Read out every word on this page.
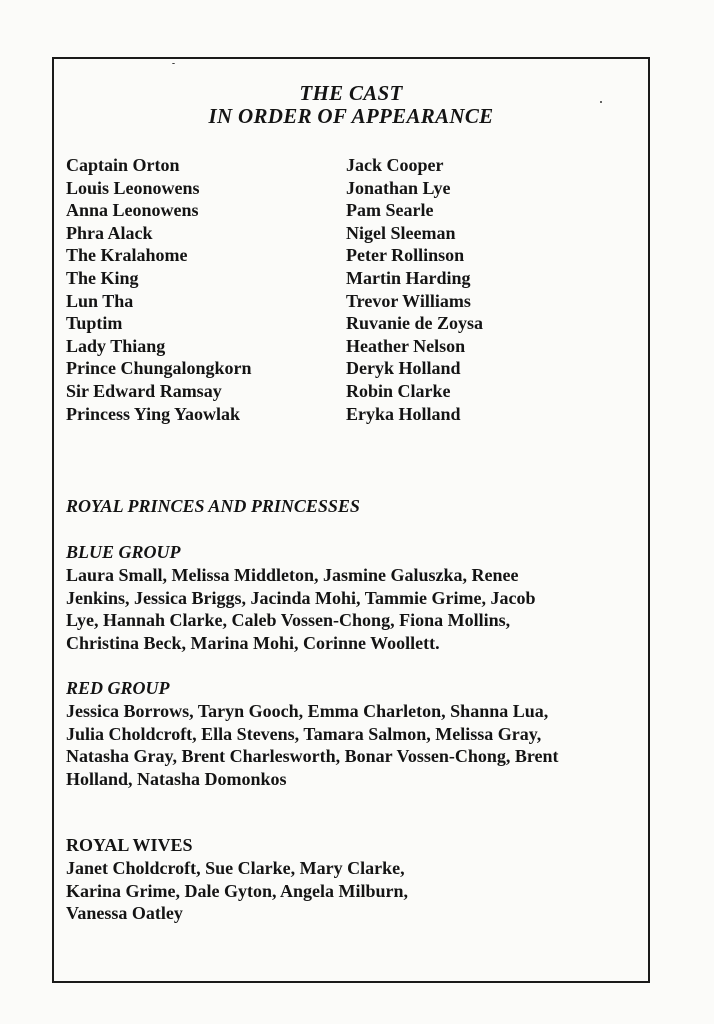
THE CAST
IN ORDER OF APPEARANCE
Captain Orton	Jack Cooper
Louis Leonowens	Jonathan Lye
Anna Leonowens	Pam Searle
Phra Alack	Nigel Sleeman
The Kralahome	Peter Rollinson
The King	Martin Harding
Lun Tha	Trevor Williams
Tuptim	Ruvanie de Zoysa
Lady Thiang	Heather Nelson
Prince Chungalongkorn	Deryk Holland
Sir Edward Ramsay	Robin Clarke
Princess Ying Yaowlak	Eryka Holland
ROYAL PRINCES AND PRINCESSES
BLUE GROUP
Laura Small, Melissa Middleton, Jasmine Galuszka, Renee
Jenkins, Jessica Briggs, Jacinda Mohi, Tammie Grime, Jacob
Lye, Hannah Clarke, Caleb Vossen-Chong, Fiona Mollins,
Christina Beck, Marina Mohi, Corinne Woollett.
RED GROUP
Jessica Borrows, Taryn Gooch, Emma Charleton, Shanna Lua,
Julia Choldcroft, Ella Stevens, Tamara Salmon, Melissa Gray,
Natasha Gray, Brent Charlesworth, Bonar Vossen-Chong, Brent
Holland, Natasha Domonkos
ROYAL WIVES
Janet Choldcroft, Sue Clarke, Mary Clarke,
Karina Grime, Dale Gyton, Angela Milburn,
Vanessa Oatley
